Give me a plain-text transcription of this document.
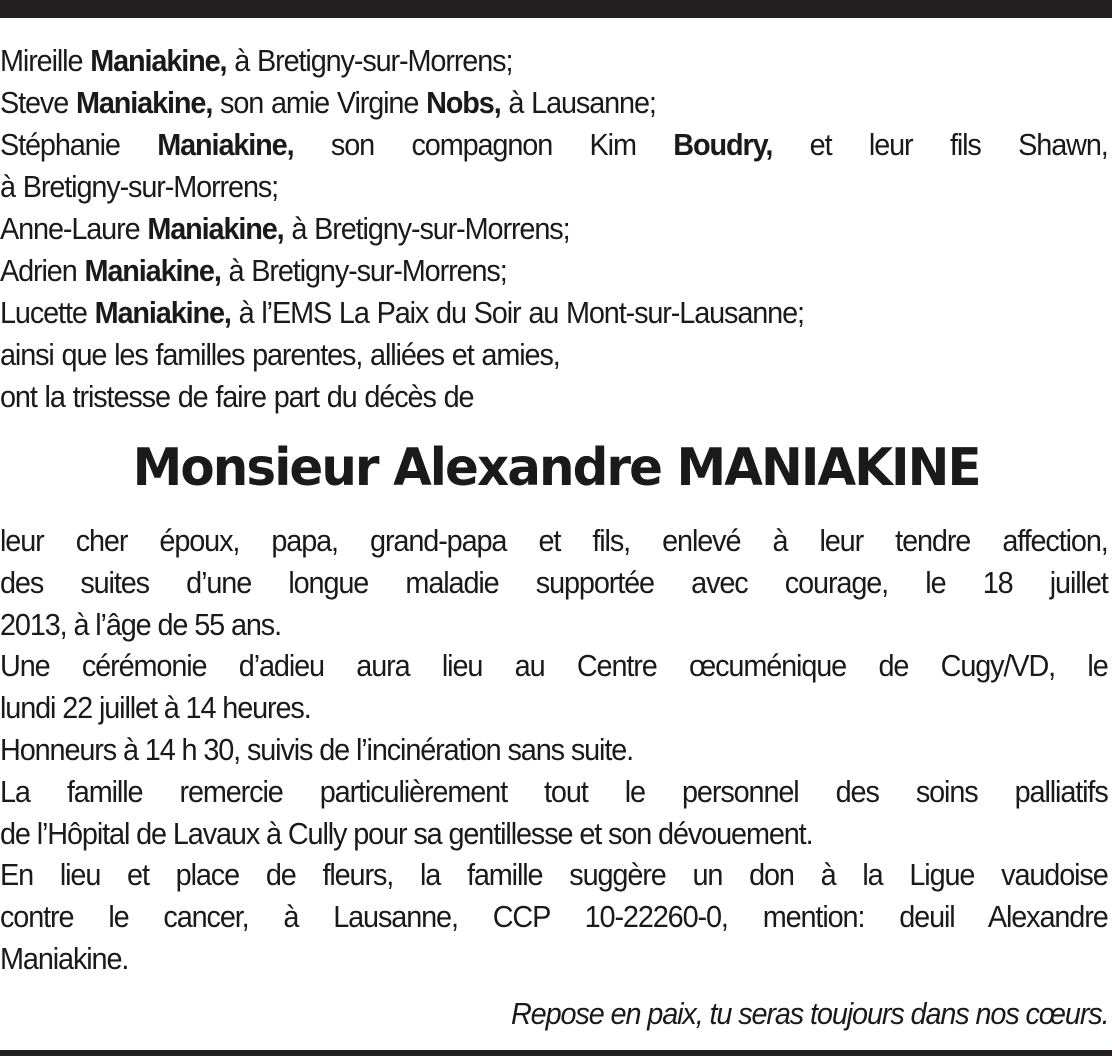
Mireille Maniakine, à Bretigny-sur-Morrens;
Steve Maniakine, son amie Virgine Nobs, à Lausanne;
Stéphanie Maniakine, son compagnon Kim Boudry, et leur fils Shawn,
à Bretigny-sur-Morrens;
Anne-Laure Maniakine, à Bretigny-sur-Morrens;
Adrien Maniakine, à Bretigny-sur-Morrens;
Lucette Maniakine, à l’EMS La Paix du Soir au Mont-sur-Lausanne;
ainsi que les familles parentes, alliées et amies,
ont la tristesse de faire part du décès de
Monsieur Alexandre MANIAKINE
leur cher époux, papa, grand-papa et fils, enlevé à leur tendre affection,
des suites d’une longue maladie supportée avec courage, le 18 juillet
2013, à l’âge de 55 ans.
Une cérémonie d’adieu aura lieu au Centre œcuménique de Cugy/VD, le
lundi 22 juillet à 14 heures.
Honneurs à 14 h 30, suivis de l’incinération sans suite.
La famille remercie particulièrement tout le personnel des soins palliatifs
de l’Hôpital de Lavaux à Cully pour sa gentillesse et son dévouement.
En lieu et place de fleurs, la famille suggère un don à la Ligue vaudoise
contre le cancer, à Lausanne, CCP 10-22260-0, mention: deuil Alexandre
Maniakine.
Repose en paix, tu seras toujours dans nos cœurs.
